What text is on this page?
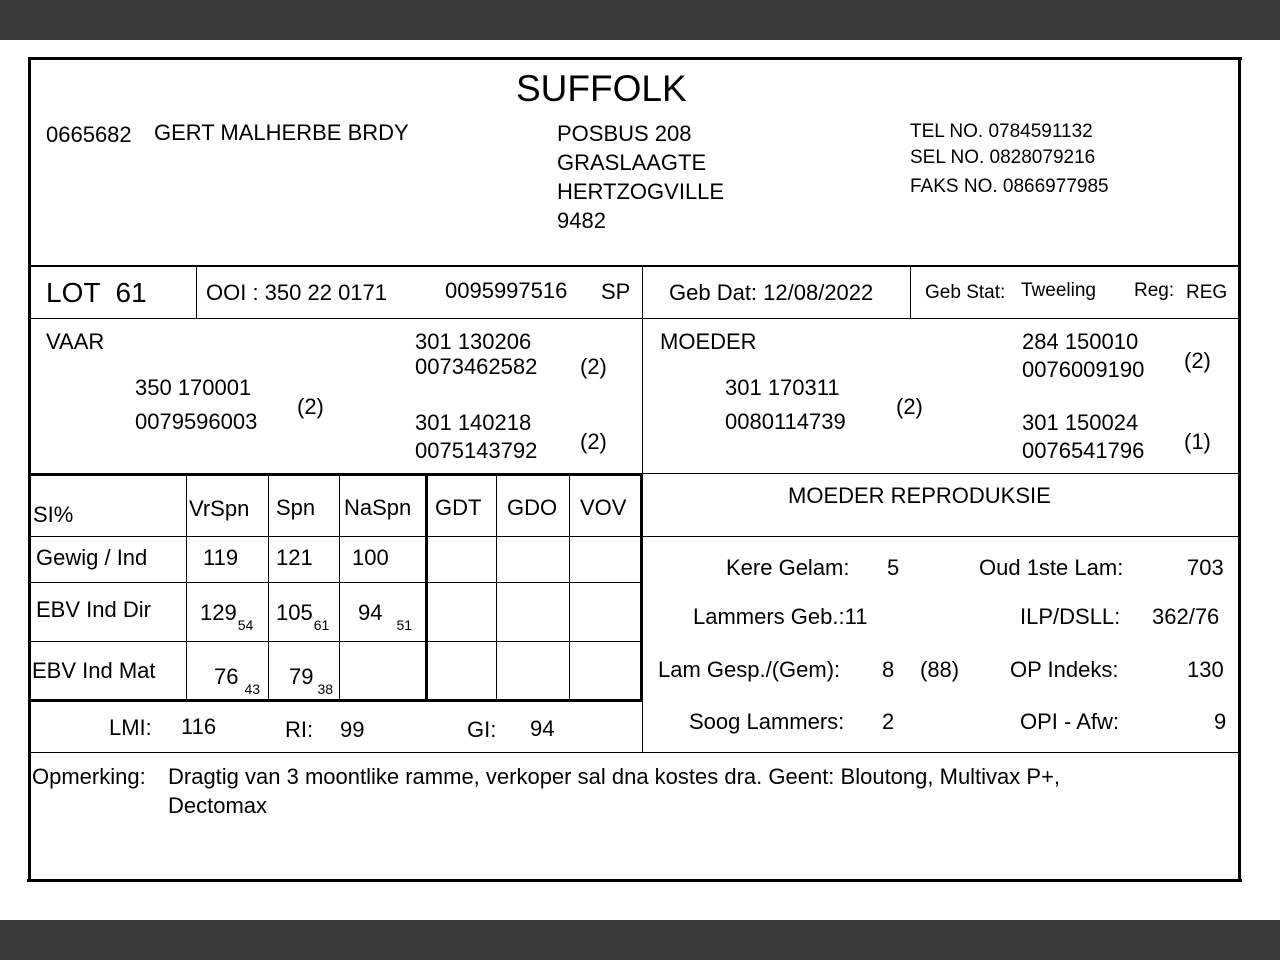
SUFFOLK
0665682 GERT MALHERBE BRDY	POSBUS 208
GRASLAAGTE
HERTZOGVILLE
9482
TEL NO. 0784591132
SEL NO. 0828079216
FAKS NO. 0866977985
LOT  61	OOI : 350 22 0171	0095997516 SP Geb Dat: 12/08/2022	Geb Stat: Tweeling Reg: REG
VAAR
350 170001
0079596003
(2)
301 130206
0073462582 (2)
301 140218
0075143792 (2)
MOEDER
301 170311
0080114739
(2)
284 150010
0076009190 (2)
301 150024
0076541796 (1)
SI%	VrSpn Spn NaSpn GDT GDO VOV
Gewig / Ind	119 121 100
EBV Ind Dir $129_{54}$ $105_{61}$ 94 $_{51}$
EBV Ind Mat	76 $_{43}$ 79 $_{38}$
LMI: 116	RI: 99	GI: 94
MOEDER REPRODUKSIE
Kere Gelam: 5	Oud 1ste Lam:	703
Lammers Geb.:11	ILP/DSLL: 362/76
Lam Gesp./(Gem): 8 (88) OP Indeks:	130
Soog Lammers: 2	OPI - Afw:	9
Opmerking: Dragtig van 3 moontlike ramme, verkoper sal dna kostes dra. Geent: Bloutong, Multivax P+,
Dectomax
